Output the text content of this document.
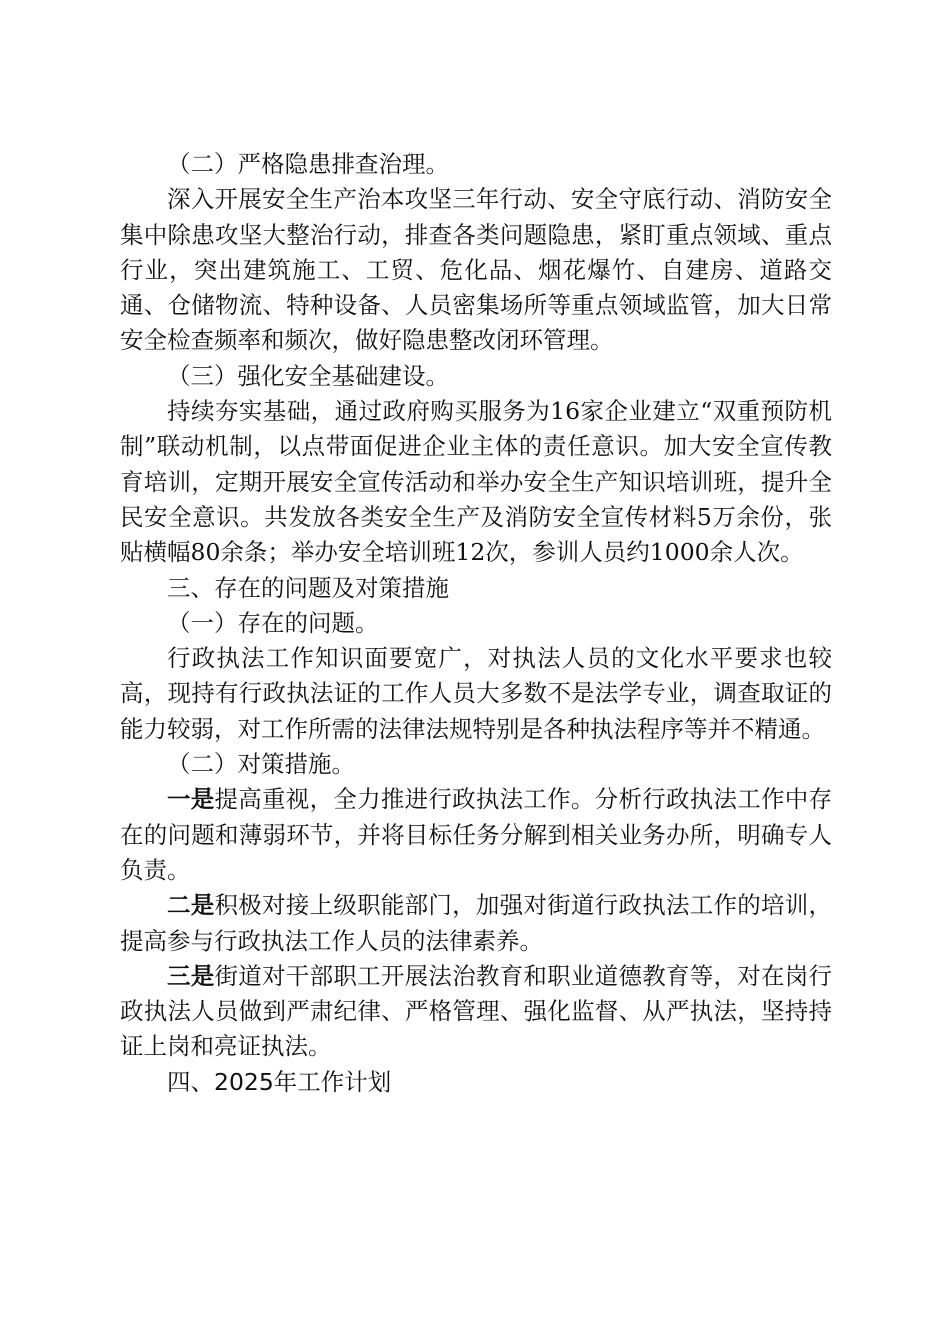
（二）严格隐患排查治理。

深入开展安全生产治本攻坚三年行动、安全守底行动、消防安全集中除患攻坚大整治行动，排查各类问题隐患，紧盯重点领域、重点行业，突出建筑施工、工贸、危化品、烟花爆竹、自建房、道路交通、仓储物流、特种设备、人员密集场所等重点领域监管，加大日常安全检查频率和频次，做好隐患整改闭环管理。

（三）强化安全基础建设。

持续夯实基础，通过政府购买服务为16家企业建立“双重预防机制”联动机制，以点带面促进企业主体的责任意识。加大安全宣传教育培训，定期开展安全宣传活动和举办安全生产知识培训班，提升全民安全意识。共发放各类安全生产及消防安全宣传材料5万余份，张贴横幅80余条；举办安全培训班12次，参训人员约1000余人次。

三、存在的问题及对策措施

（一）存在的问题。

行政执法工作知识面要宽广，对执法人员的文化水平要求也较高，现持有行政执法证的工作人员大多数不是法学专业，调查取证的能力较弱，对工作所需的法律法规特别是各种执法程序等并不精通。

（二）对策措施。

一是提高重视，全力推进行政执法工作。分析行政执法工作中存在的问题和薄弱环节，并将目标任务分解到相关业务办所，明确专人负责。

二是积极对接上级职能部门，加强对街道行政执法工作的培训，提高参与行政执法工作人员的法律素养。

三是街道对干部职工开展法治教育和职业道德教育等，对在岗行政执法人员做到严肃纪律、严格管理、强化监督、从严执法，坚持持证上岗和亮证执法。

四、2025年工作计划
